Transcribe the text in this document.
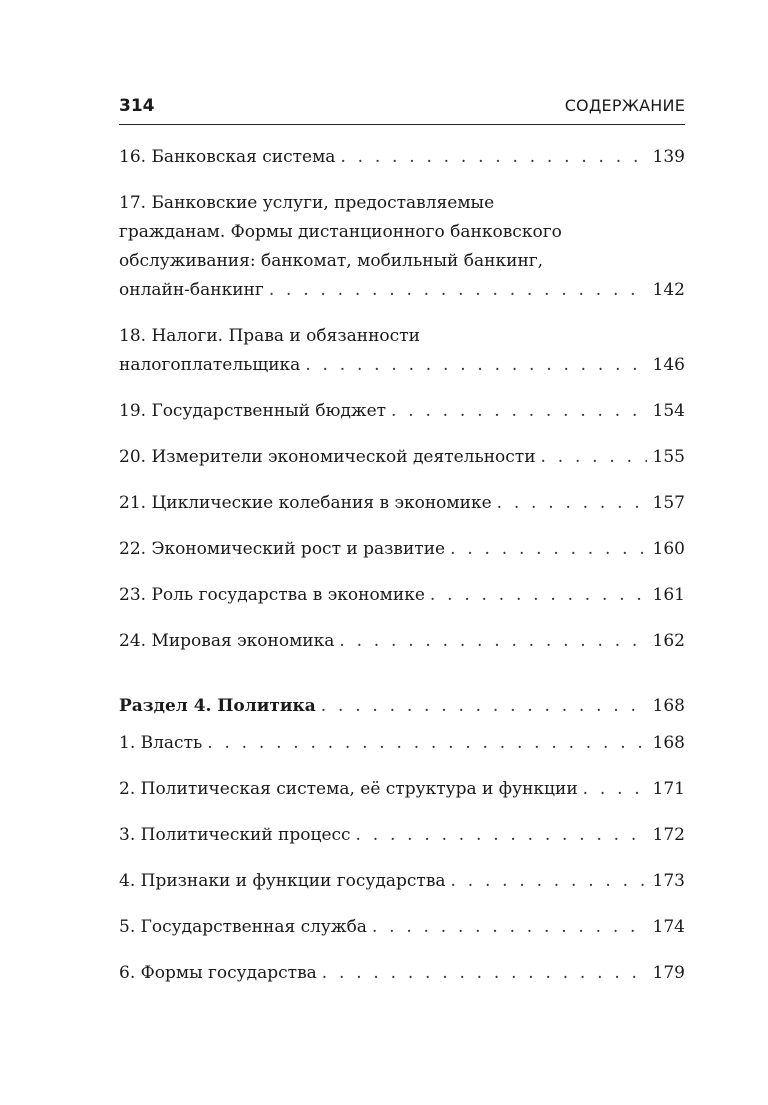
314	СОДЕРЖАНИЕ
16. Банковская система . . .	139
17. Банковские услуги, предоставляемые
гражданам. Формы дистанционного банковского
обслуживания: банкомат, мобильный банкинг,
онлайн-банкинг . . .	142
18. Налоги. Права и обязанности
налогоплательщика . . .	146
19. Государственный бюджет . . .	154
20. Измерители экономической деятельности . . .	155
21. Циклические колебания в экономике . . .	157
22. Экономический рост и развитие . . .	160
23. Роль государства в экономике . . .	161
24. Мировая экономика . . .	162
Раздел 4. Политика . . .	168
1. Власть . . .	168
2. Политическая система, её структура и функции . . .	171
3. Политический процесс . . .	172
4. Признаки и функции государства . . .	173
5. Государственная служба . . .	174
6. Формы государства . . .	179
